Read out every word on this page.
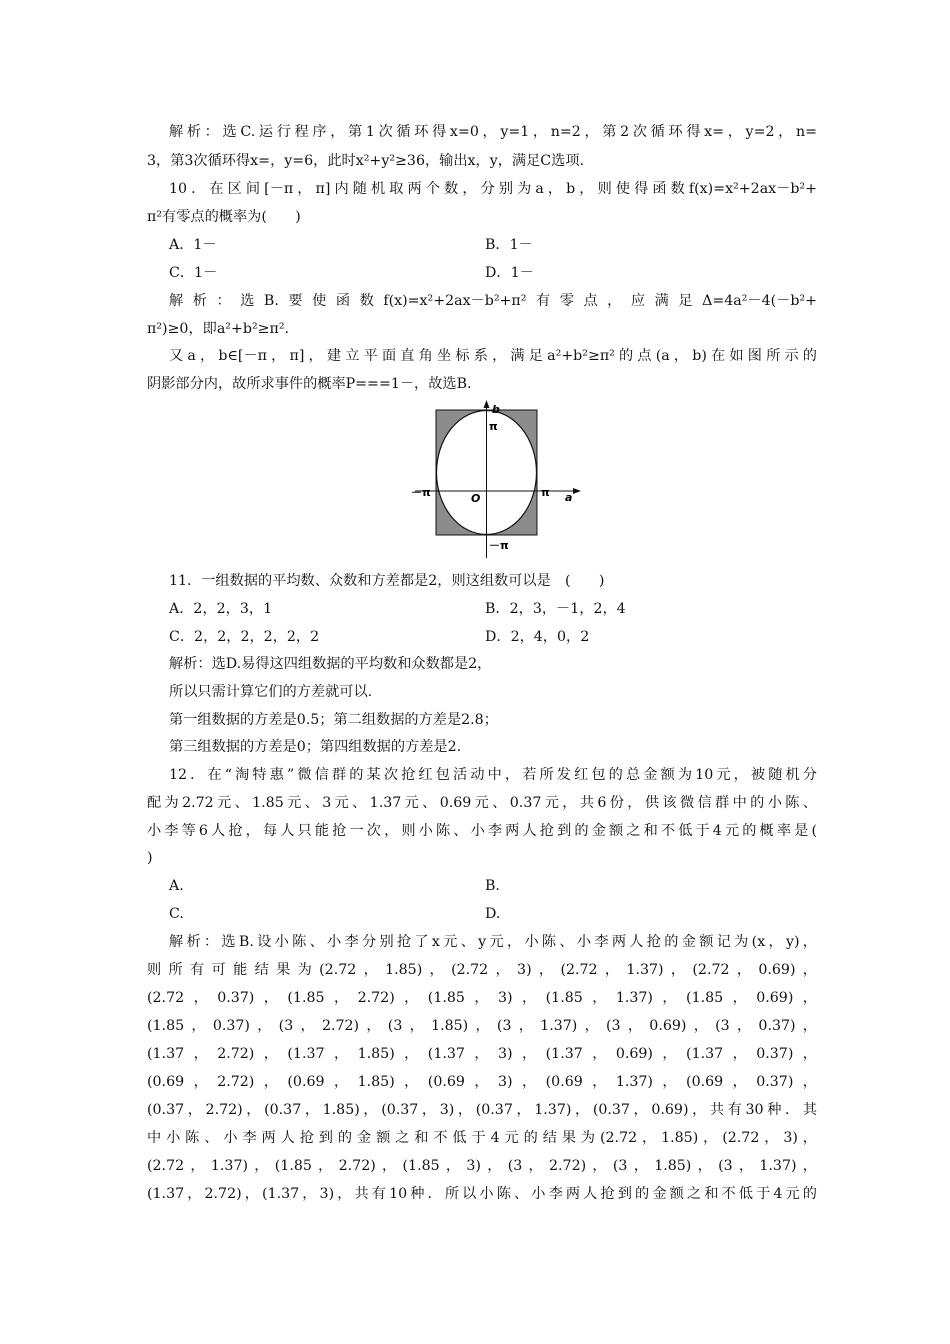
解析：选C.运行程序，第1次循环得x=0，y=1，n=2，第2次循环得x=，y=2，n=
3，第3次循环得x=，y=6，此时x²+y²≥36，输出x，y，满足C选项.
10．在区间[－π，π]内随机取两个数，分别为a，b，则使得函数f(x)=x²+2ax－b²+
π²有零点的概率为(　　)
A．1－	B．1－
C．1－	D．1－
解析：选B.要使函数f(x)=x²+2ax－b²+π²有零点，应满足Δ=4a²－4(－b²+
π²)≥0，即a²+b²≥π².
又a，b∈[－π，π]，建立平面直角坐标系，满足a²+b²≥π²的点(a，b)在如图所示的
阴影部分内，故所求事件的概率P===1－，故选B.
b
a
π
－π	O	π
－π
11．一组数据的平均数、众数和方差都是2，则这组数可以是　(　　)
A．2，2，3，1	B．2，3，－1，2，4
C．2，2，2，2，2，2	D．2，4，0，2
解析：选D.易得这四组数据的平均数和众数都是2，
所以只需计算它们的方差就可以.
第一组数据的方差是0.5；第二组数据的方差是2.8；
第三组数据的方差是0；第四组数据的方差是2.
12．在“淘特惠”微信群的某次抢红包活动中，若所发红包的总金额为10元，被随机分
配为2.72元、1.85元、3元、1.37元、0.69元、0.37元，共6份，供该微信群中的小陈、
小李等6人抢，每人只能抢一次，则小陈、小李两人抢到的金额之和不低于4元的概率是(
)
A.	B.
C.	D.
解析：选B.设小陈、小李分别抢了x元、y元，小陈、小李两人抢的金额记为(x，y)，
则所有可能结果为(2.72，1.85)，(2.72，3)，(2.72，1.37)，(2.72，0.69)，
(2.72，0.37)，(1.85，2.72)，(1.85，3)，(1.85，1.37)，(1.85，0.69)，
(1.85，0.37)，(3，2.72)，(3，1.85)，(3，1.37)，(3，0.69)，(3，0.37)，
(1.37，2.72)，(1.37，1.85)，(1.37，3)，(1.37，0.69)，(1.37，0.37)，
(0.69，2.72)，(0.69，1.85)，(0.69，3)，(0.69，1.37)，(0.69，0.37)，
(0.37，2.72)，(0.37，1.85)，(0.37，3)，(0.37，1.37)，(0.37，0.69)，共有30种．其
中小陈、小李两人抢到的金额之和不低于4元的结果为(2.72，1.85)，(2.72，3)，
(2.72，1.37)，(1.85，2.72)，(1.85，3)，(3，2.72)，(3，1.85)，(3，1.37)，
(1.37，2.72)，(1.37，3)，共有10种．所以小陈、小李两人抢到的金额之和不低于4元的
